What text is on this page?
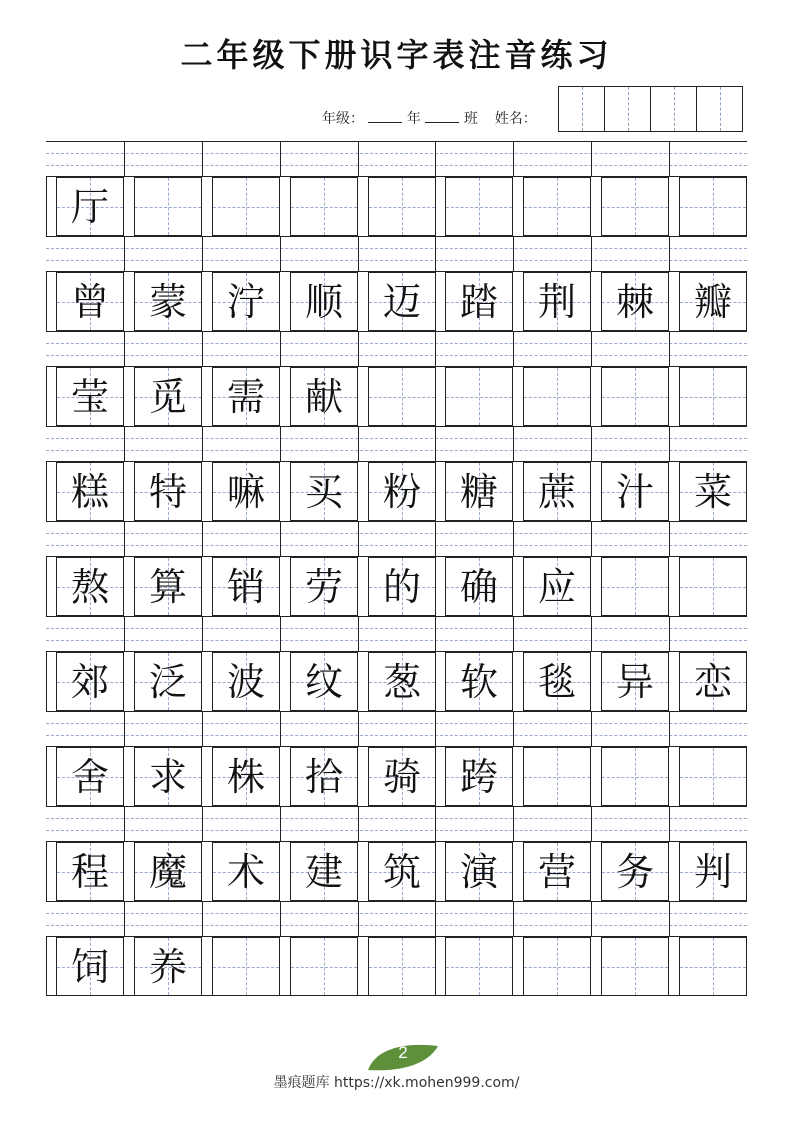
二年级下册识字表注音练习
年级：	年	班 姓名：
厅
曾	蒙	泞	顺	迈	踏	荆	棘	瓣
莹	觅	需	献
糕	特	嘛	买	粉	糖	蔗	汁	菜
熬	算	销	劳	的	确	应
郊	泛	波	纹	葱	软	毯	异	恋
舍	求	株	拾	骑	跨
程	魔	术	建	筑	演	营	务	判
饲	养
2
墨痕题库 https://xk.mohen999.com/
